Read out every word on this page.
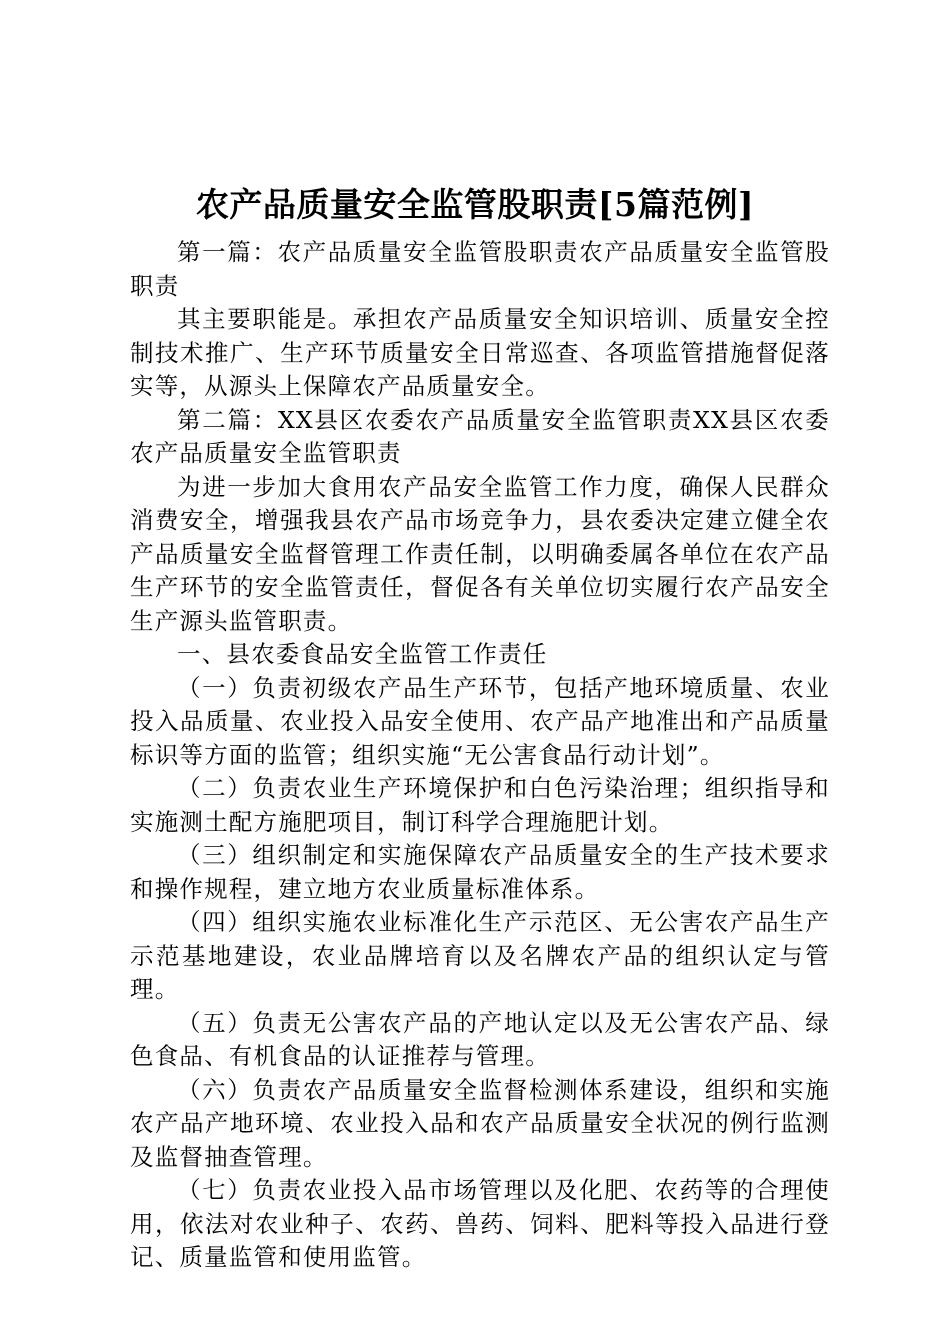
农产品质量安全监管股职责[5篇范例]

第一篇：农产品质量安全监管股职责农产品质量安全监管股职责

其主要职能是。承担农产品质量安全知识培训、质量安全控制技术推广、生产环节质量安全日常巡查、各项监管措施督促落实等，从源头上保障农产品质量安全。

第二篇：XX县区农委农产品质量安全监管职责XX县区农委农产品质量安全监管职责

为进一步加大食用农产品安全监管工作力度，确保人民群众消费安全，增强我县农产品市场竞争力，县农委决定建立健全农产品质量安全监督管理工作责任制，以明确委属各单位在农产品生产环节的安全监管责任，督促各有关单位切实履行农产品安全生产源头监管职责。

一、县农委食品安全监管工作责任

（一）负责初级农产品生产环节，包括产地环境质量、农业投入品质量、农业投入品安全使用、农产品产地准出和产品质量标识等方面的监管；组织实施“无公害食品行动计划”。

（二）负责农业生产环境保护和白色污染治理；组织指导和实施测土配方施肥项目，制订科学合理施肥计划。

（三）组织制定和实施保障农产品质量安全的生产技术要求和操作规程，建立地方农业质量标准体系。

（四）组织实施农业标准化生产示范区、无公害农产品生产示范基地建设，农业品牌培育以及名牌农产品的组织认定与管理。

（五）负责无公害农产品的产地认定以及无公害农产品、绿色食品、有机食品的认证推荐与管理。

（六）负责农产品质量安全监督检测体系建设，组织和实施农产品产地环境、农业投入品和农产品质量安全状况的例行监测及监督抽查管理。

（七）负责农业投入品市场管理以及化肥、农药等的合理使用，依法对农业种子、农药、兽药、饲料、肥料等投入品进行登记、质量监管和使用监管。
